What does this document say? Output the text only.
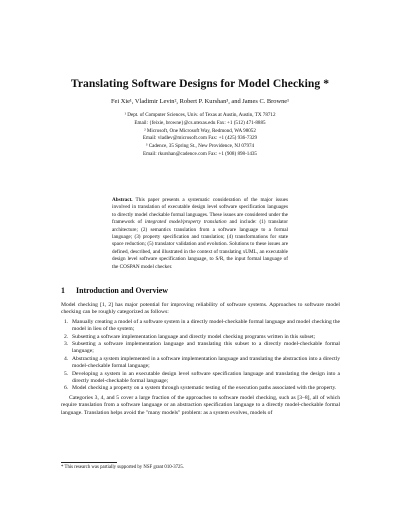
Translating Software Designs for Model Checking *
Fei Xie¹, Vladimir Levin², Robert P. Kurshan³, and James C. Browne¹
¹ Dept. of Computer Sciences, Univ. of Texas at Austin, Austin, TX 78712
Email: {feixie, browne}@cs.utexas.edu Fax: +1 (512) 471-8885
² Microsoft, One Microsoft Way, Redmond, WA 98052
Email: vladlev@microsoft.com Fax: +1 (425) 936-7329
³ Cadence, 35 Spring St., New Providence, NJ 07974
Email: rkurshan@cadence.com Fax: +1 (908) 898-1435
Abstract. This paper presents a systematic consideration of the major issues involved in translation of executable design level software specification languages to directly model checkable formal languages. These issues are considered under the framework of integrated model/property translation and include: (1) translator architecture; (2) semantics translation from a software language to a formal language; (3) property specification and translation; (4) transformations for state space reduction; (5) translator validation and evolution. Solutions to these issues are defined, described, and illustrated in the context of translating xUML, an executable design level software specification language, to S/R, the input formal language of the COSPAN model checker.
1 Introduction and Overview

Model checking [1, 2] has major potential for improving reliability of software systems. Approaches to software model checking can be roughly categorized as follows:

1. Manually creating a model of a software system in a directly model-checkable formal language and model checking the model in lieu of the system;
2. Subsetting a software implementation language and directly model checking programs written in this subset;
3. Subsetting a software implementation language and translating this subset to a directly model-checkable formal language;
4. Abstracting a system implemented in a software implementation language and translating the abstraction into a directly model-checkable formal language;
5. Developing a system in an executable design level software specification language and translating the design into a directly model-checkable formal language;
6. Model checking a property on a system through systematic testing of the execution paths associated with the property.

Categories 3, 4, and 5 cover a large fraction of the approaches to software model checking, such as [3–8], all of which require translation from a software language or an abstraction specification language to a directly model-checkable formal language. Translation helps avoid the "many models" problem: as a system evolves, models of

* This research was partially supported by NSF grant 010-3725.
